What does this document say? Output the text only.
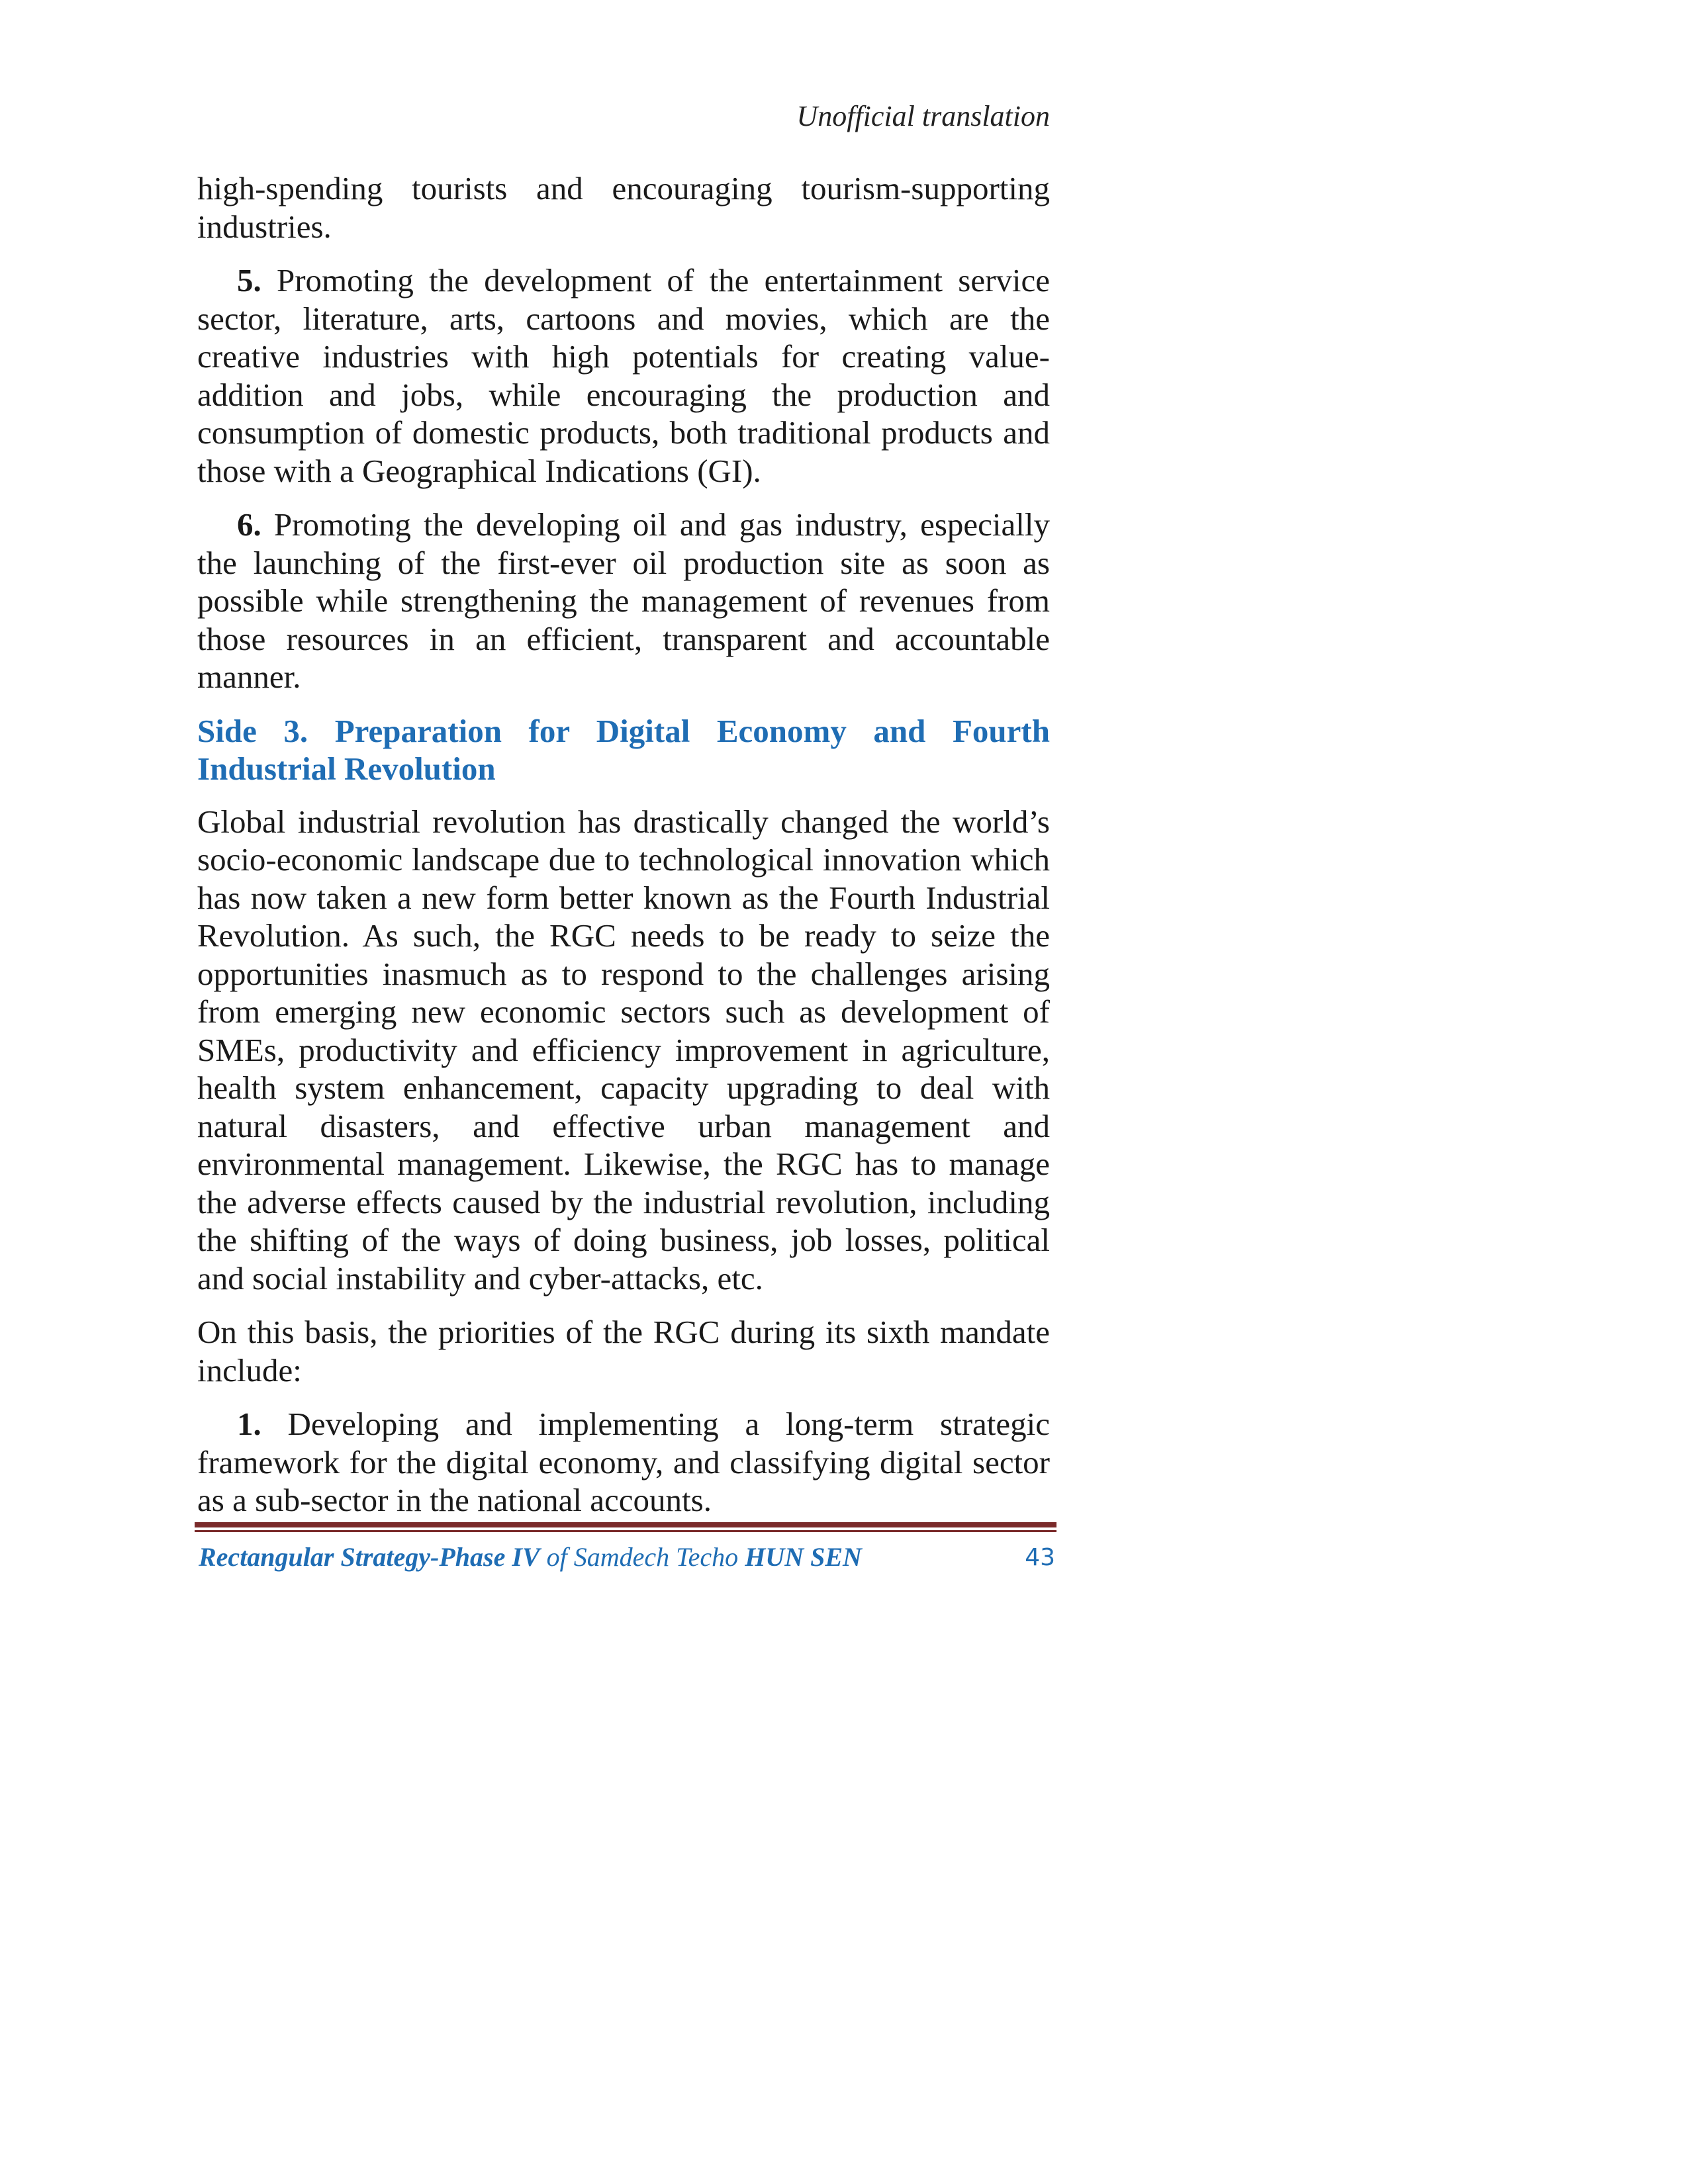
Unofficial translation

high-spending tourists and encouraging tourism-supporting industries.

5. Promoting the development of the entertainment service sector, literature, arts, cartoons and movies, which are the creative industries with high potentials for creating value-addition and jobs, while encouraging the production and consumption of domestic products, both traditional products and those with a Geographical Indications (GI).

6. Promoting the developing oil and gas industry, especially the launching of the first-ever oil production site as soon as possible while strengthening the management of revenues from those resources in an efficient, transparent and accountable manner.

Side 3. Preparation for Digital Economy and Fourth Industrial Revolution

Global industrial revolution has drastically changed the world’s socio-economic landscape due to technological innovation which has now taken a new form better known as the Fourth Industrial Revolution. As such, the RGC needs to be ready to seize the opportunities inasmuch as to respond to the challenges arising from emerging new economic sectors such as development of SMEs, productivity and efficiency improvement in agriculture, health system enhancement, capacity upgrading to deal with natural disasters, and effective urban management and environmental management. Likewise, the RGC has to manage the adverse effects caused by the industrial revolution, including the shifting of the ways of doing business, job losses, political and social instability and cyber-attacks, etc.

On this basis, the priorities of the RGC during its sixth mandate include:

1. Developing and implementing a long-term strategic framework for the digital economy, and classifying digital sector as a sub-sector in the national accounts.

Rectangular Strategy-Phase IV of Samdech Techo HUN SEN	43
